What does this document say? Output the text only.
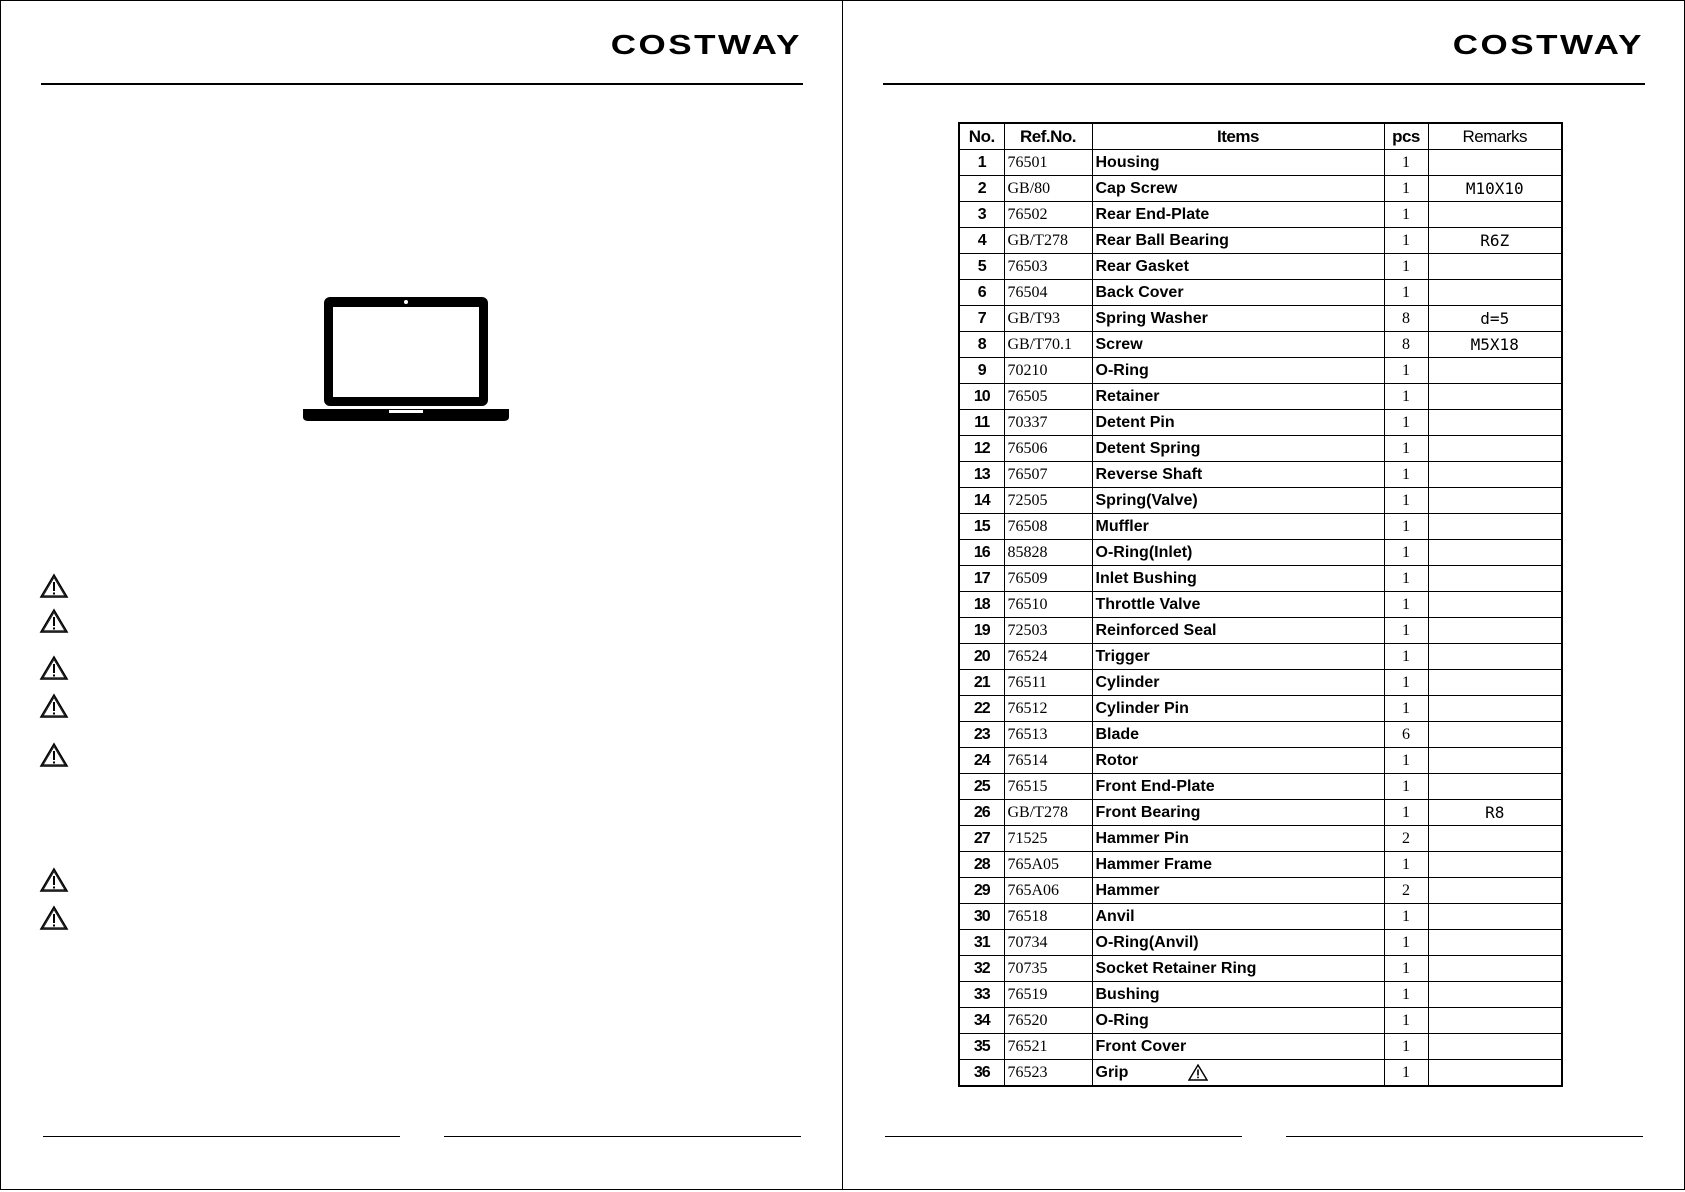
COSTWAY	COSTWAY
No.	Ref.No.	Items	pcs	Remarks
1	76501	Housing	1	
2	GB/80	Cap Screw	1	M10X10
3	76502	Rear End-Plate	1	
4	GB/T278	Rear Ball Bearing	1	R6Z
5	76503	Rear Gasket	1	
6	76504	Back Cover	1	
7	GB/T93	Spring Washer	8	d=5
8	GB/T70.1	Screw	8	M5X18
9	70210	O-Ring	1	
10	76505	Retainer	1	
11	70337	Detent Pin	1	
12	76506	Detent Spring	1	
13	76507	Reverse Shaft	1	
14	72505	Spring(Valve)	1	
15	76508	Muffler	1	
16	85828	O-Ring(Inlet)	1	
17	76509	Inlet Bushing	1	
18	76510	Throttle Valve	1	
19	72503	Reinforced Seal	1	
20	76524	Trigger	1	
21	76511	Cylinder	1	
22	76512	Cylinder Pin	1	
23	76513	Blade	6	
24	76514	Rotor	1	
25	76515	Front End-Plate	1	
26	GB/T278	Front Bearing	1	R8
27	71525	Hammer Pin	2	
28	765A05	Hammer Frame	1	
29	765A06	Hammer	2	
30	76518	Anvil	1	
31	70734	O-Ring(Anvil)	1	
32	70735	Socket Retainer Ring	1	
33	76519	Bushing	1	
34	76520	O-Ring	1	
35	76521	Front Cover	1	
36	76523	Grip	1	
